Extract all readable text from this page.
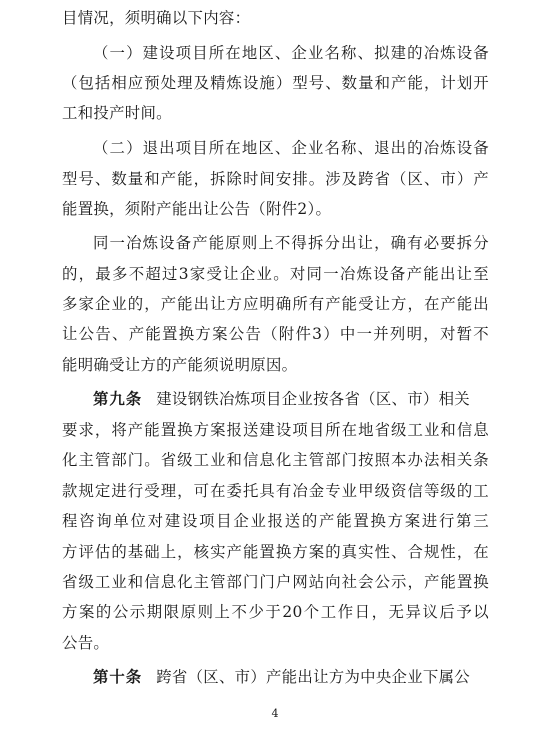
目情况，须明确以下内容：
（一）建设项目所在地区、企业名称、拟建的冶炼设备
（包括相应预处理及精炼设施）型号、数量和产能，计划开
工和投产时间。
（二）退出项目所在地区、企业名称、退出的冶炼设备
型号、数量和产能，拆除时间安排。涉及跨省（区、市）产
能置换，须附产能出让公告（附件2）。
同一冶炼设备产能原则上不得拆分出让，确有必要拆分
的，最多不超过3家受让企业。对同一冶炼设备产能出让至
多家企业的，产能出让方应明确所有产能受让方，在产能出
让公告、产能置换方案公告（附件3）中一并列明，对暂不
能明确受让方的产能须说明原因。
第九条 建设钢铁冶炼项目企业按各省（区、市）相关
要求，将产能置换方案报送建设项目所在地省级工业和信息
化主管部门。省级工业和信息化主管部门按照本办法相关条
款规定进行受理，可在委托具有冶金专业甲级资信等级的工
程咨询单位对建设项目企业报送的产能置换方案进行第三
方评估的基础上，核实产能置换方案的真实性、合规性，在
省级工业和信息化主管部门门户网站向社会公示，产能置换
方案的公示期限原则上不少于20个工作日，无异议后予以
公告。
第十条 跨省（区、市）产能出让方为中央企业下属公
4
